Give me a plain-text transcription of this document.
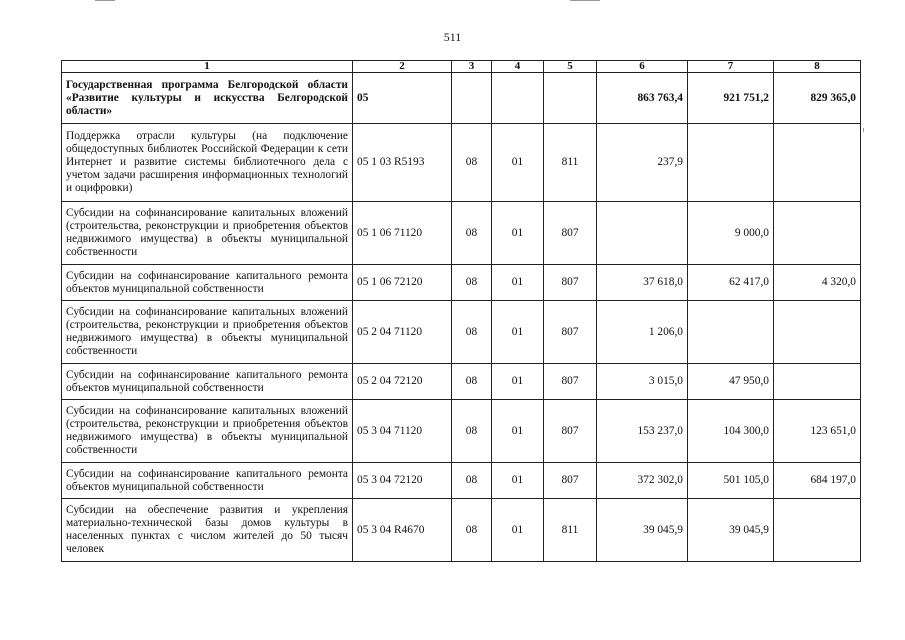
511
1	2	3	4	5	6	7	8
Государственная программа Белгородской области «Развитие культуры и искусства Белгородской области»	05				863 763,4	921 751,2	829 365,0
Поддержка отрасли культуры (на подключение общедоступных библиотек Российской Федерации к сети Интернет и развитие системы библиотечного дела с учетом задачи расширения информационных технологий и оцифровки)	05 1 03 R5193	08	01	811	237,9		
Субсидии на софинансирование капитальных вложений (строительства, реконструкции и приобретения объектов недвижимого имущества) в объекты муниципальной собственности	05 1 06 71120	08	01	807		9 000,0	
Субсидии на софинансирование капитального ремонта объектов муниципальной собственности	05 1 06 72120	08	01	807	37 618,0	62 417,0	4 320,0
Субсидии на софинансирование капитальных вложений (строительства, реконструкции и приобретения объектов недвижимого имущества) в объекты муниципальной собственности	05 2 04 71120	08	01	807	1 206,0		
Субсидии на софинансирование капитального ремонта объектов муниципальной собственности	05 2 04 72120	08	01	807	3 015,0	47 950,0	
Субсидии на софинансирование капитальных вложений (строительства, реконструкции и приобретения объектов недвижимого имущества) в объекты муниципальной собственности	05 3 04 71120	08	01	807	153 237,0	104 300,0	123 651,0
Субсидии на софинансирование капитального ремонта объектов муниципальной собственности	05 3 04 72120	08	01	807	372 302,0	501 105,0	684 197,0
Субсидии на обеспечение развития и укрепления материально-технической базы домов культуры в населенных пунктах с числом жителей до 50 тысяч человек	05 3 04 R4670	08	01	811	39 045,9	39 045,9	
